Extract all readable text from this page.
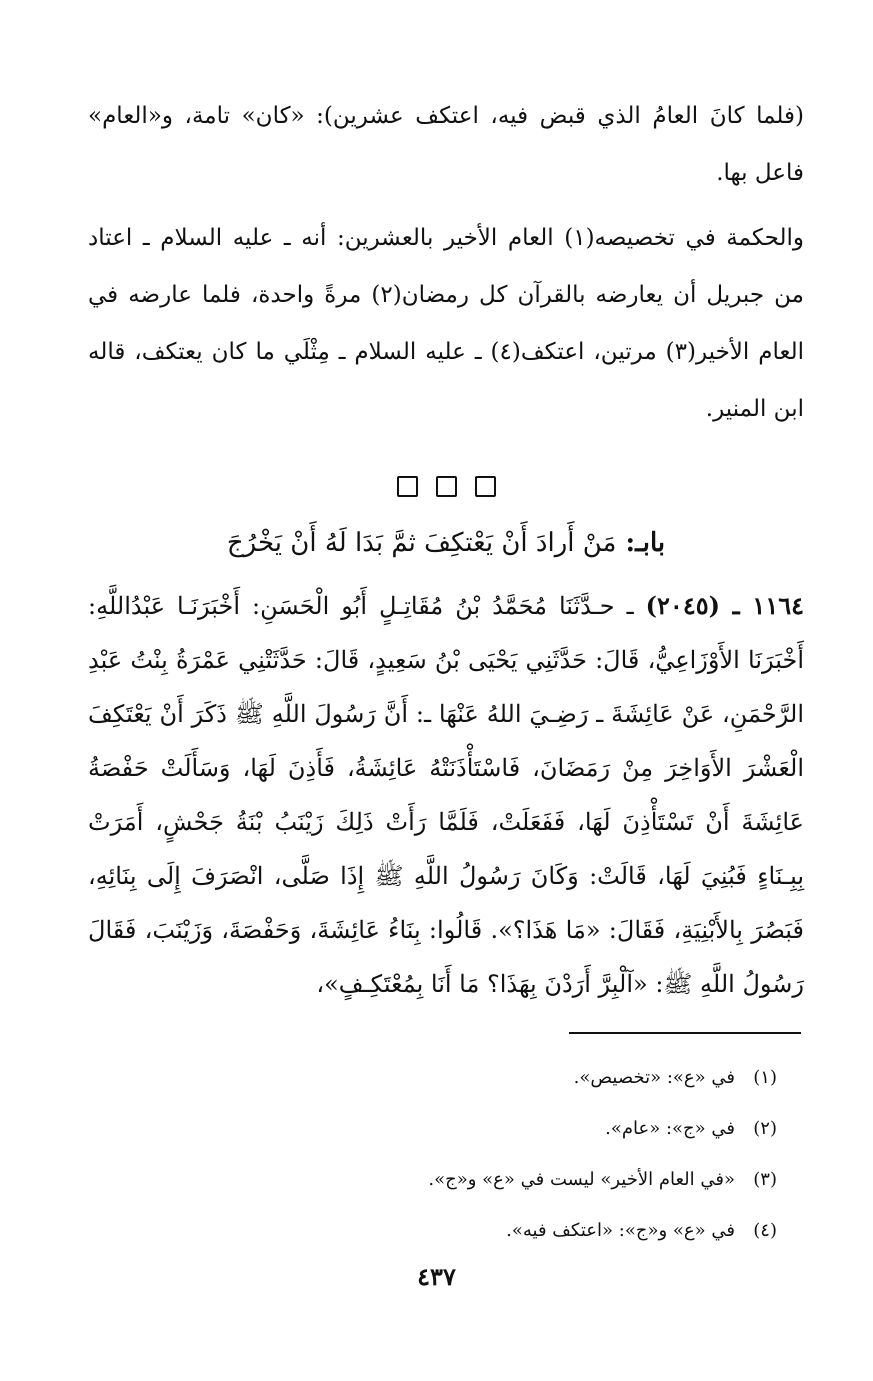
(فلما كانَ العامُ الذي قبض فيه، اعتكف عشرين): «كان» تامة، و«العام» فاعل بها.

والحكمة في تخصيصه(١) العام الأخير بالعشرين: أنه ـ عليه السلام ـ اعتاد من جبريل أن يعارضه بالقرآن كل رمضان(٢) مرةً واحدة، فلما عارضه في العام الأخير(٣) مرتين، اعتكف(٤) ـ عليه السلام ـ مِثْلَي ما كان يعتكف، قاله ابن المنير.

بابـ: مَنْ أَرادَ أَنْ يَعْتكِفَ ثمَّ بَدَا لَهُ أَنْ يَخْرُجَ

١١٦٤ ـ (٢٠٤٥) ـ حـدَّثَنَا مُحَمَّدُ بْنُ مُقَاتِـلٍ أَبُو الْحَسَنِ: أَخْبَرَنَـا عَبْدُاللَّهِ: أَخْبَرَنَا الأَوْزَاعِيُّ، قَالَ: حَدَّثَنِي يَحْيَى بْنُ سَعِيدٍ، قَالَ: حَدَّثَتْنِي عَمْرَةُ بِنْتُ عَبْدِ الرَّحْمَنِ، عَنْ عَائِشَةَ ـ رَضِـيَ اللهُ عَنْهَا ـ: أَنَّ رَسُولَ اللَّهِ ﷺ ذَكَرَ أَنْ يَعْتَكِفَ الْعَشْرَ الأَوَاخِرَ مِنْ رَمَضَانَ، فَاسْتَأْذَنَتْهُ عَائِشَةُ، فَأَذِنَ لَهَا، وَسَأَلَتْ حَفْصَةُ عَائِشَةَ أَنْ تَسْتَأْذِنَ لَهَا، فَفَعَلَتْ، فَلَمَّا رَأَتْ ذَلِكَ زَيْنَبُ بْنَةُ جَحْشٍ، أَمَرَتْ بِبِـنَاءٍ فَبُنِيَ لَهَا، قَالَتْ: وَكَانَ رَسُولُ اللَّهِ ﷺ إِذَا صَلَّى، انْصَرَفَ إِلَى بِنَائِهِ، فَبَصُرَ بِالأَبْنِيَةِ، فَقَالَ: «مَا هَذَا؟». قَالُوا: بِنَاءُ عَائِشَةَ، وَحَفْصَةَ، وَزَيْنَبَ، فَقَالَ رَسُولُ اللَّهِ ﷺ: «آلْبِرَّ أَرَدْنَ بِهَذَا؟ مَا أَنَا بِمُعْتَكِـفٍ»،

(١)في «ع»: «تخصيص».
(٢)في «ج»: «عام».
(٣)«في العام الأخير» ليست في «ع» و«ج».
(٤)في «ع» و«ج»: «اعتكف فيه».
٤٣٧
